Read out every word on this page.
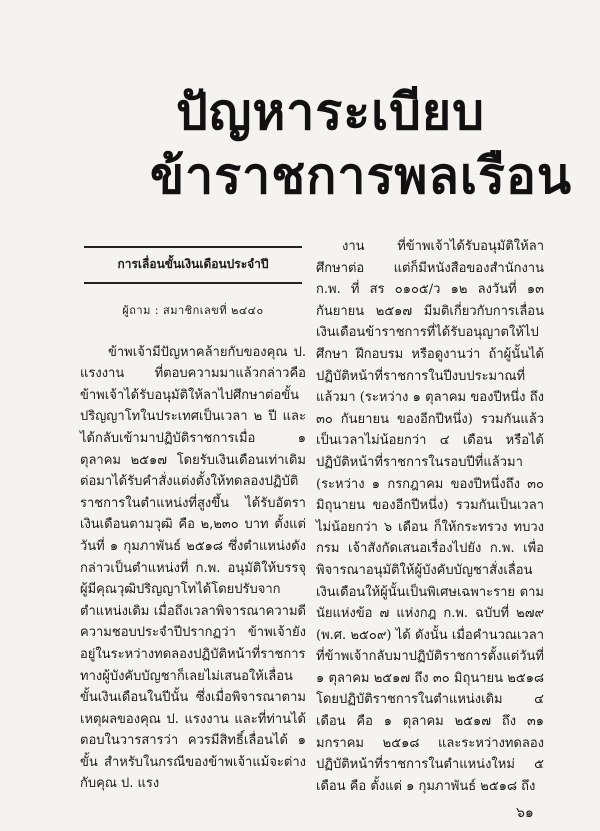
ปัญหาระเบียบ
ข้าราชการพลเรือน
การเลื่อนขั้นเงินเดือนประจำปี
ผู้ถาม : สมาชิกเลขที่ ๒๔๔๐

ข้าพเจ้ามีปัญหาคล้ายกับของคุณ ป. แรงงาน ที่ตอบความมาแล้วกล่าวคือ ข้าพเจ้าได้รับอนุมัติให้ลาไปศึกษาต่อขั้นปริญญาโทในประเทศเป็นเวลา ๒ ปี และได้กลับเข้ามาปฏิบัติราชการเมื่อ ๑ ตุลาคม ๒๕๑๗ โดยรับเงินเดือนเท่าเดิม ต่อมาได้รับคำสั่งแต่งตั้งให้ทดลองปฏิบัติราชการในตำแหน่งที่สูงขึ้น ได้รับอัตราเงินเดือนตามวุฒิ คือ ๒,๒๓๐ บาท ตั้งแต่วันที่ ๑ กุมภาพันธ์ ๒๕๑๘ ซึ่งตำแหน่งดังกล่าวเป็นตำแหน่งที่ ก.พ. อนุมัติให้บรรจุผู้มีคุณวุฒิปริญญาโทได้โดยปรับจากตำแหน่งเดิม เมื่อถึงเวลาพิจารณาความดีความชอบประจำปีปรากฏว่า ข้าพเจ้ายังอยู่ในระหว่างทดลองปฏิบัติหน้าที่ราชการ ทางผู้บังคับบัญชาก็เลยไม่เสนอให้เลื่อนขั้นเงินเดือนในปีนั้น ซึ่งเมื่อพิจารณาตามเหตุผลของคุณ ป. แรงงาน และที่ท่านได้ตอบในวารสารว่า ควรมีสิทธิ์เลื่อนได้ ๑ ขั้น สำหรับในกรณีของข้าพเจ้าแม้จะต่างกับคุณ ป. แรง

งาน ที่ข้าพเจ้าได้รับอนุมัติให้ลาศึกษาต่อ แต่ก็มีหนังสือของสำนักงาน ก.พ. ที่ สร ๐๑๐๕/ว ๑๒ ลงวันที่ ๑๓ กันยายน ๒๕๑๗ มีมติเกี่ยวกับการเลื่อนเงินเดือนข้าราชการที่ได้รับอนุญาตให้ไปศึกษา ฝึกอบรม หรือดูงานว่า ถ้าผู้นั้นได้ปฏิบัติหน้าที่ราชการในปีงบประมาณที่แล้วมา (ระหว่าง ๑ ตุลาคม ของปีหนึ่ง ถึง ๓๐ กันยายน ของอีกปีหนึ่ง) รวมกันแล้วเป็นเวลาไม่น้อยกว่า ๔ เดือน หรือได้ปฏิบัติหน้าที่ราชการในรอบปีที่แล้วมา (ระหว่าง ๑ กรกฎาคม ของปีหนึ่งถึง ๓๐ มิถุนายน ของอีกปีหนึ่ง) รวมกันเป็นเวลาไม่น้อยกว่า ๖ เดือน ก็ให้กระทรวง ทบวง กรม เจ้าสังกัดเสนอเรื่องไปยัง ก.พ. เพื่อพิจารณาอนุมัติให้ผู้บังคับบัญชาสั่งเลื่อนเงินเดือนให้ผู้นั้นเป็นพิเศษเฉพาะราย ตามนัยแห่งข้อ ๗ แห่งกฎ ก.พ. ฉบับที่ ๒๗๙ (พ.ศ. ๒๕๐๙) ได้ ดังนั้น เมื่อคำนวณเวลาที่ข้าพเจ้ากลับมาปฏิบัติราชการตั้งแต่วันที่ ๑ ตุลาคม ๒๕๑๗ ถึง ๓๐ มิถุนายน ๒๕๑๘ โดยปฏิบัติราชการในตำแหน่งเดิม ๔ เดือน คือ ๑ ตุลาคม ๒๕๑๗ ถึง ๓๑ มกราคม ๒๕๑๘ และระหว่างทดลองปฏิบัติหน้าที่ราชการในตำแหน่งใหม่ ๕ เดือน คือ ตั้งแต่ ๑ กุมภาพันธ์ ๒๕๑๘ ถึง

๖๑
